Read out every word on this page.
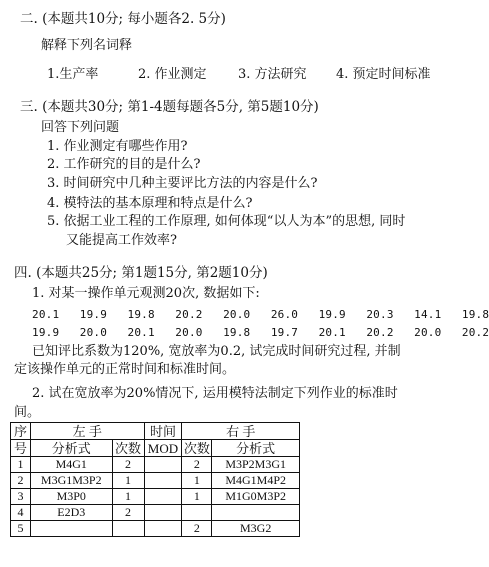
二. (本题共10分; 每小题各2. 5分)
解释下列名词释
1.生产率	2. 作业测定 3. 方法研究 4. 预定时间标准
三. (本题共30分; 第1-4题每题各5分, 第5题10分)
回答下列问题
1. 作业测定有哪些作用?
2. 工作研究的目的是什么?
3. 时间研究中几种主要评比方法的内容是什么?
4. 模特法的基本原理和特点是什么?
5. 依据工业工程的工作原理, 如何体现“以人为本”的思想, 同时
又能提高工作效率?
四. (本题共25分; 第1题15分, 第2题10分)
1. 对某一操作单元观测20次, 数据如下:
20.1 19.9 19.8 20.2 20.0 26.0 19.9 20.3 14.1 19.8
19.9 20.0 20.1 20.0 19.8 19.7 20.1 20.2 20.0 20.2
已知评比系数为120%, 宽放率为0.2, 试完成时间研究过程, 并制
定该操作单元的正常时间和标准时间。
2. 试在宽放率为20%情况下, 运用模特法制定下列作业的标准时
间。
序	左 手		时间	右 手	
号	分析式	次数	MOD	次数	分析式
1	M4G1	2		2	M3P2M3G1
2	M3G1M3P2	1		1	M4G1M4P2
3	M3P0	1		1	M1G0M3P2
4	E2D3	2			
5				2	M3G2
